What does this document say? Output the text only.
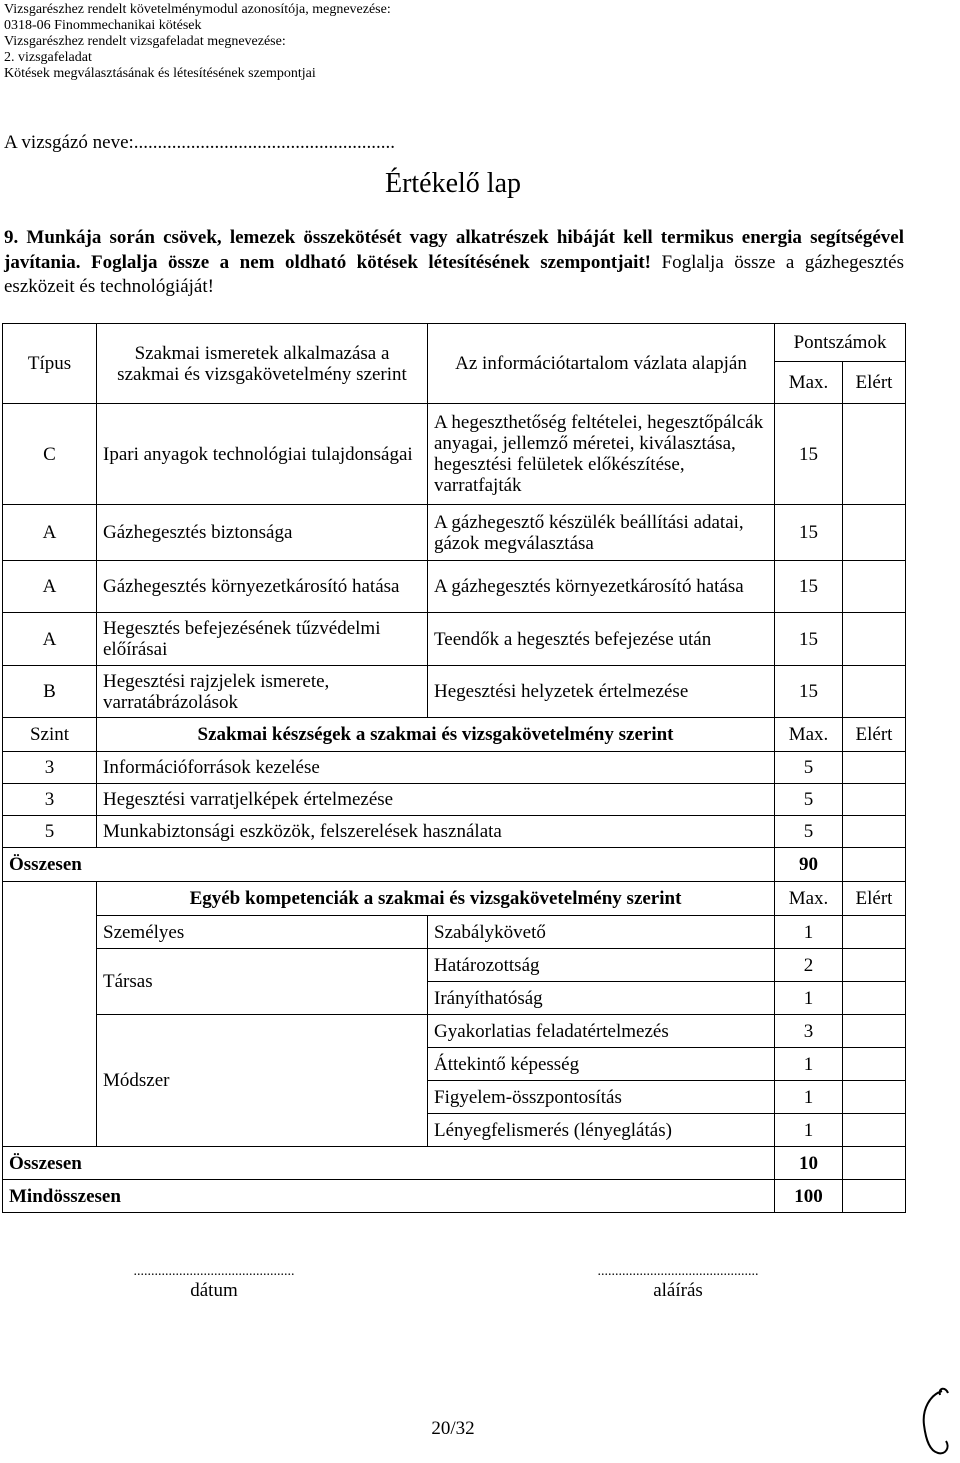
Vizsgarészhez rendelt követelménymodul azonosítója, megnevezése:
0318-06 Finommechanikai kötések
Vizsgarészhez rendelt vizsgafeladat megnevezése:
2. vizsgafeladat
Kötések megválasztásának és létesítésének szempontjai
A vizsgázó neve:.......................................................
Értékelő lap
9. Munkája során csövek, lemezek összekötését vagy alkatrészek hibáját kell termikus energia segítségével javítania. Foglalja össze a nem oldható kötések létesítésének szempontjait! Foglalja össze a gázhegesztés eszközeit és technológiáját!
Típus	Szakmai ismeretek alkalmazása a szakmai és vizsgakövetelmény szerint	Az információtartalom vázlata alapján	Pontszámok	
			Max.	Elért
C	Ipari anyagok technológiai tulajdonságai	A hegeszthetőség feltételei, hegesztőpálcák anyagai, jellemző méretei, kiválasztása, hegesztési felületek előkészítése, varratfajták	15	
A	Gázhegesztés biztonsága	A gázhegesztő készülék beállítási adatai, gázok megválasztása	15	
A	Gázhegesztés környezetkárosító hatása	A gázhegesztés környezetkárosító hatása	15	
A	Hegesztés befejezésének tűzvédelmi előírásai	Teendők a hegesztés befejezése után	15	
B	Hegesztési rajzjelek ismerete, varratábrázolások	Hegesztési helyzetek értelmezése	15	
Szint	Szakmai készségek a szakmai és vizsgakövetelmény szerint		Max.	Elért
3	Információforrások kezelése		5	
3	Hegesztési varratjelképek értelmezése		5	
5	Munkabiztonsági eszközök, felszerelések használata		5	
Összesen			90	
	Egyéb kompetenciák a szakmai és vizsgakövetelmény szerint		Max.	Elért
	Személyes	Szabálykövető	1	
	Társas	Határozottság	2	
		Irányíthatóság	1	
	Módszer	Gyakorlatias feladatértelmezés	3	
		Áttekintő képesség	1	
		Figyelem-összpontosítás	1	
		Lényegfelismerés (lényeglátás)	1	
Összesen			10	
Mindösszesen			100	
..............................................
dátum
..............................................
aláírás
20/32
